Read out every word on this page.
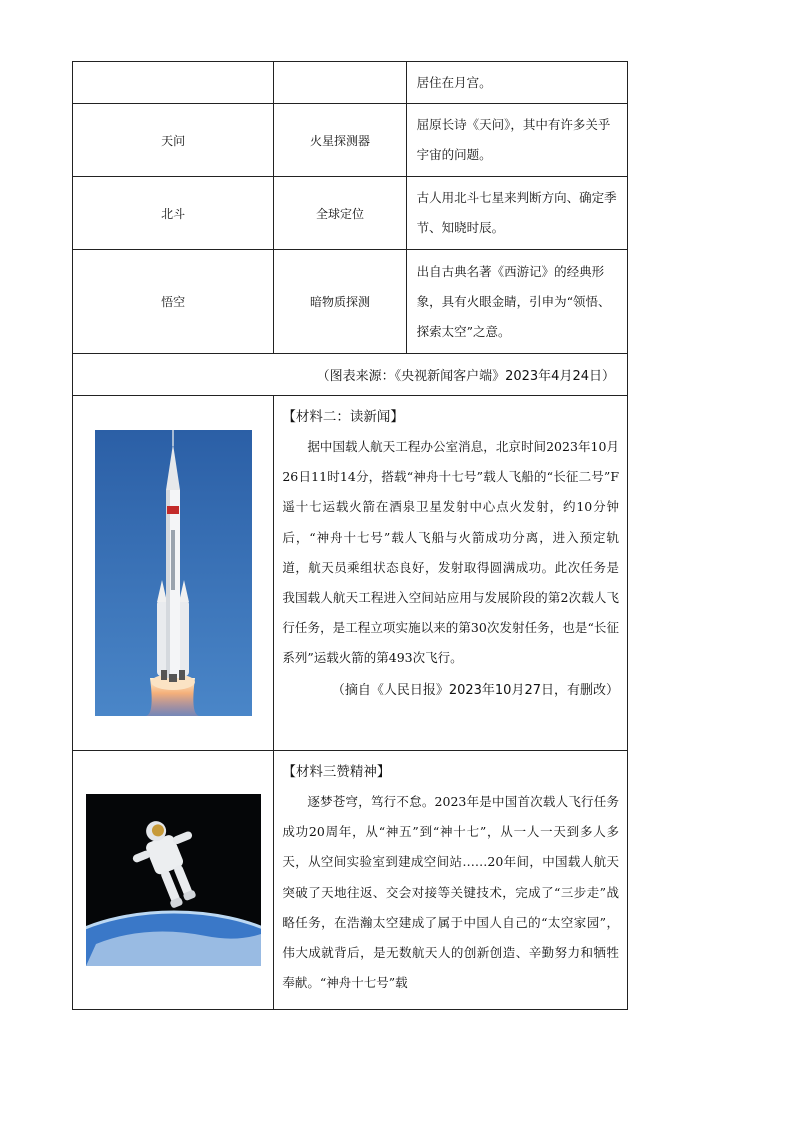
		居住在月宫。
天问	火星探测器	屈原长诗《天问》，其中有许多关乎宇宙的问题。
北斗	全球定位	古人用北斗七星来判断方向、确定季节、知晓时辰。
悟空	暗物质探测	出自古典名著《西游记》的经典形象，具有火眼金睛，引申为“领悟、探索太空”之意。
（图表来源：《央视新闻客户端》2023年4月24日）		

【材料二：读新闻】

据中国载人航天工程办公室消息，北京时间2023年10月26日11时14分，搭载“神舟十七号”载人飞船的“长征二号”F遥十七运载火箭在酒泉卫星发射中心点火发射，约10分钟后，“神舟十七号”载人飞船与火箭成功分离，进入预定轨道，航天员乘组状态良好，发射取得圆满成功。此次任务是我国载人航天工程进入空间站应用与发展阶段的第2次载人飞行任务，是工程立项实施以来的第30次发射任务，也是“长征系列”运载火箭的第493次飞行。

（摘自《人民日报》2023年10月27日，有删改）	

【材料三赞精神】

逐梦苍穹，笃行不怠。2023年是中国首次载人飞行任务成功20周年，从“神五”到“神十七”，从一人一天到多人多天，从空间实验室到建成空间站……20年间，中国载人航天突破了天地往返、交会对接等关键技术，完成了“三步走”战略任务，在浩瀚太空建成了属于中国人自己的“太空家园”，伟大成就背后，是无数航天人的创新创造、辛勤努力和牺牲奉献。“神舟十七号”载	
